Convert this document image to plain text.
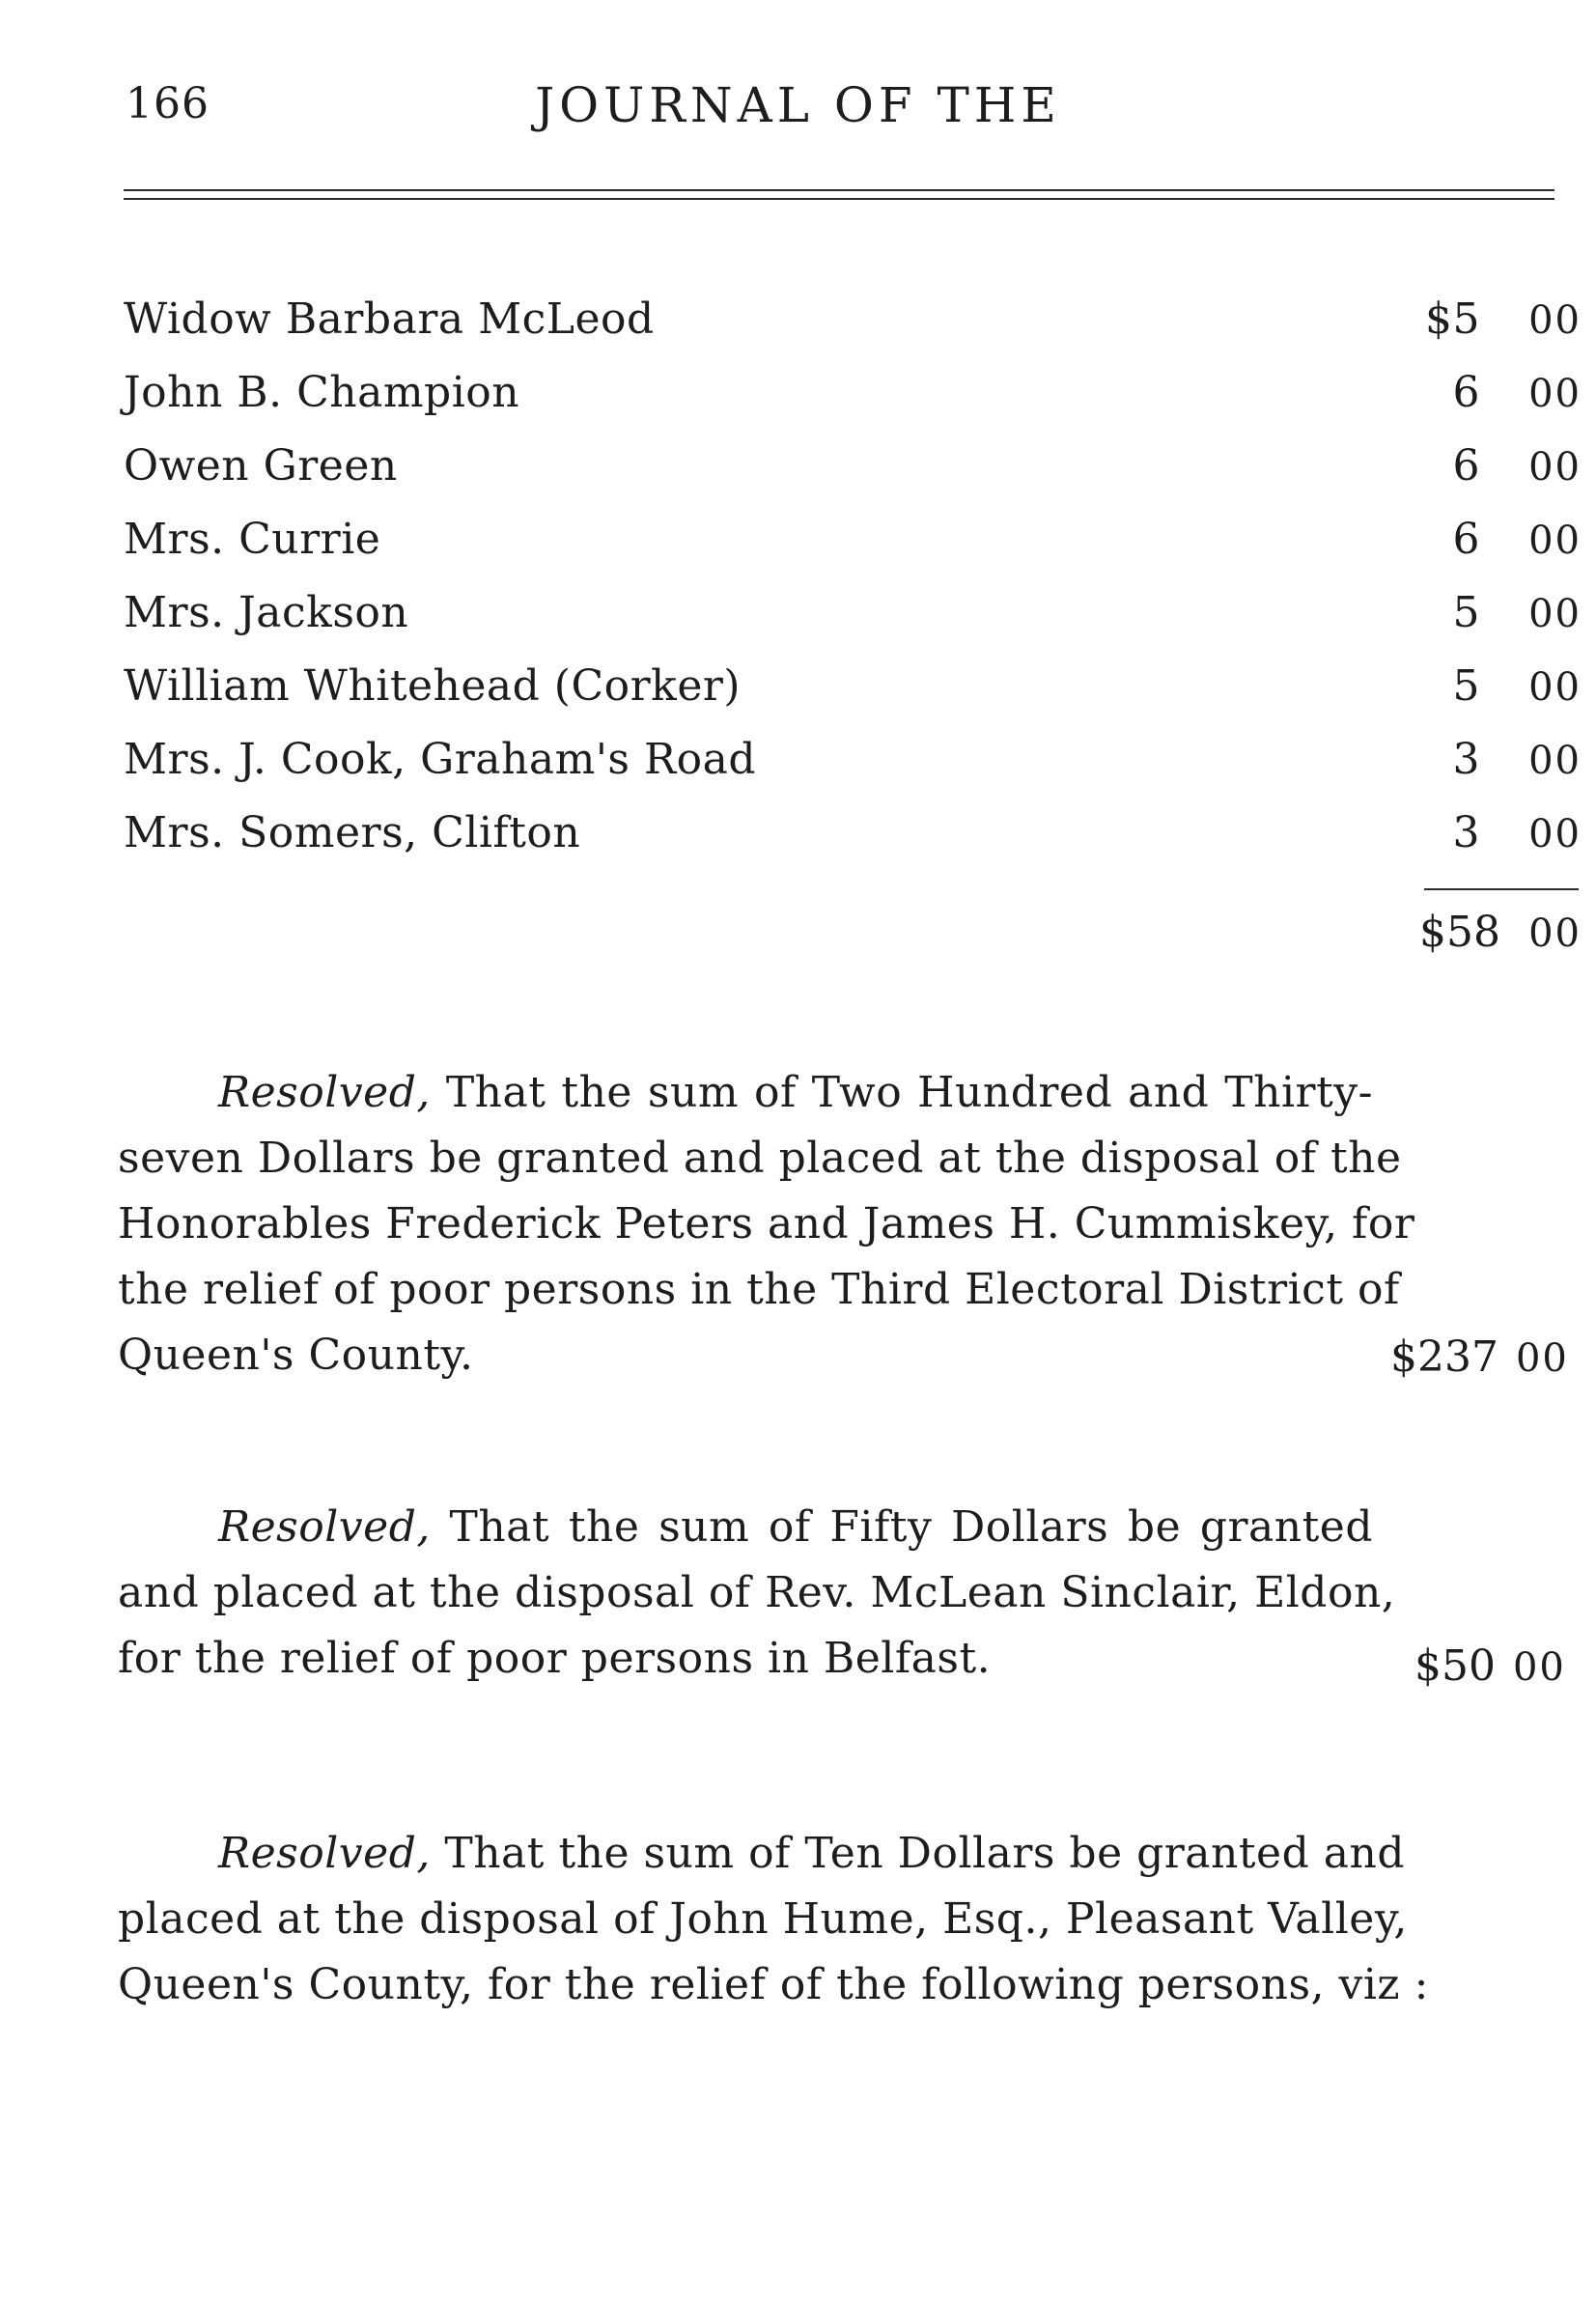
166	JOURNAL OF THE
Widow Barbara McLeod	$ 5 00
John B. Champion	6 00
Owen Green	6 00
Mrs. Currie	6 00
Mrs. Jackson	5 00
William Whitehead (Corker)	5 00
Mrs. J. Cook, Graham's Road	3 00
Mrs. Somers, Clifton	3 00
$58 00
Resolved, That the sum of Two Hundred and Thirty-
seven Dollars be granted and placed at the disposal of the
Honorables Frederick Peters and James H. Cummiskey, for
the relief of poor persons in the Third Electoral District of
Queen's County.	$237 00
Resolved, That the sum of Fifty Dollars be granted
and placed at the disposal of Rev. McLean Sinclair, Eldon,
for the relief of poor persons in Belfast.	$50 00
Resolved, That the sum of Ten Dollars be granted and
placed at the disposal of John Hume, Esq., Pleasant Valley,
Queen's County, for the relief of the following persons, viz :
